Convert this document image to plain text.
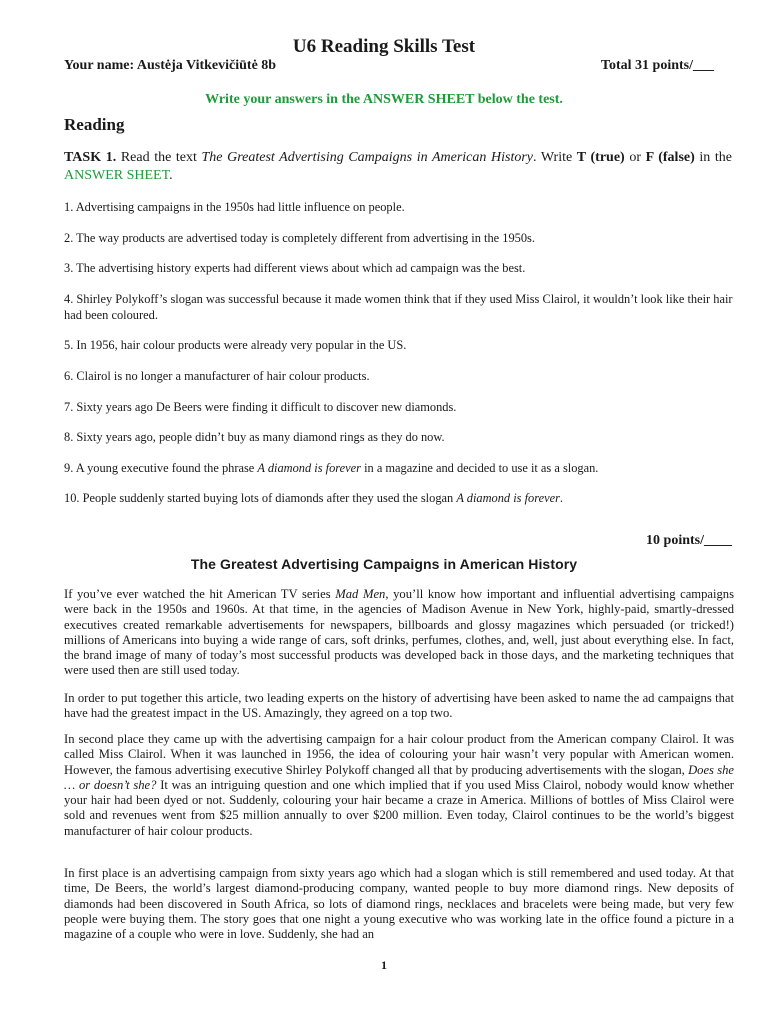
U6 Reading Skills Test
Your name: Austėja Vitkevičiūtė 8b	Total 31 points/___
Write your answers in the ANSWER SHEET below the test.
Reading
TASK 1. Read the text The Greatest Advertising Campaigns in American History. Write T (true) or F (false) in the ANSWER SHEET.
1. Advertising campaigns in the 1950s had little influence on people.
2. The way products are advertised today is completely different from advertising in the 1950s.
3. The advertising history experts had different views about which ad campaign was the best.
4. Shirley Polykoff’s slogan was successful because it made women think that if they used Miss Clairol, it wouldn’t look like their hair had been coloured.
5. In 1956, hair colour products were already very popular in the US.
6. Clairol is no longer a manufacturer of hair colour products.
7. Sixty years ago De Beers were finding it difficult to discover new diamonds.
8. Sixty years ago, people didn’t buy as many diamond rings as they do now.
9. A young executive found the phrase A diamond is forever in a magazine and decided to use it as a slogan.
10. People suddenly started buying lots of diamonds after they used the slogan A diamond is forever.
10 points/____
The Greatest Advertising Campaigns in American History
If you’ve ever watched the hit American TV series Mad Men, you’ll know how important and influential advertising campaigns were back in the 1950s and 1960s. At that time, in the agencies of Madison Avenue in New York, highly-paid, smartly-dressed executives created remarkable advertisements for newspapers, billboards and glossy magazines which persuaded (or tricked!) millions of Americans into buying a wide range of cars, soft drinks, perfumes, clothes, and, well, just about everything else. In fact, the brand image of many of today’s most successful products was developed back in those days, and the marketing techniques that were used then are still used today.
In order to put together this article, two leading experts on the history of advertising have been asked to name the ad campaigns that have had the greatest impact in the US. Amazingly, they agreed on a top two.
In second place they came up with the advertising campaign for a hair colour product from the American company Clairol. It was called Miss Clairol. When it was launched in 1956, the idea of colouring your hair wasn’t very popular with American women. However, the famous advertising executive Shirley Polykoff changed all that by producing advertisements with the slogan, Does she … or doesn’t she? It was an intriguing question and one which implied that if you used Miss Clairol, nobody would know whether your hair had been dyed or not. Suddenly, colouring your hair became a craze in America. Millions of bottles of Miss Clairol were sold and revenues went from $25 million annually to over $200 million. Even today, Clairol continues to be the world’s biggest manufacturer of hair colour products.
In first place is an advertising campaign from sixty years ago which had a slogan which is still remembered and used today. At that time, De Beers, the world’s largest diamond-producing company, wanted people to buy more diamond rings. New deposits of diamonds had been discovered in South Africa, so lots of diamond rings, necklaces and bracelets were being made, but very few people were buying them. The story goes that one night a young executive who was working late in the office found a picture in a magazine of a couple who were in love. Suddenly, she had an
1
